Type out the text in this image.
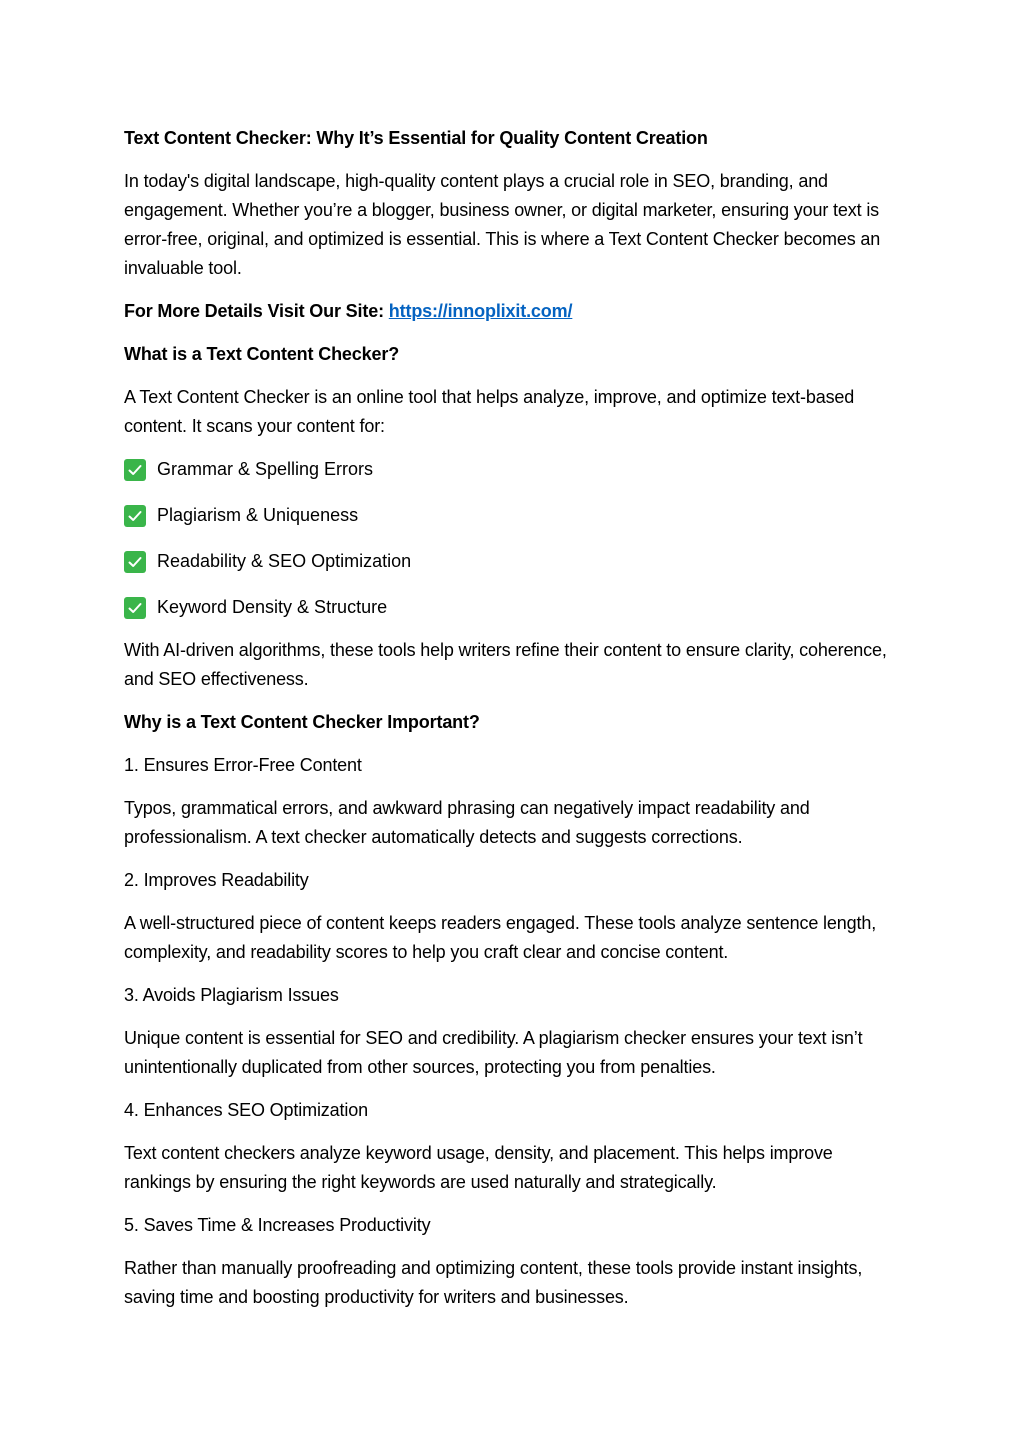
Text Content Checker: Why It’s Essential for Quality Content Creation

In today's digital landscape, high-quality content plays a crucial role in SEO, branding, and engagement. Whether you’re a blogger, business owner, or digital marketer, ensuring your text is error-free, original, and optimized is essential. This is where a Text Content Checker becomes an invaluable tool.

For More Details Visit Our Site: https://innoplixit.com/

What is a Text Content Checker?

A Text Content Checker is an online tool that helps analyze, improve, and optimize text-based content. It scans your content for:

Grammar & Spelling Errors
Plagiarism & Uniqueness
Readability & SEO Optimization
Keyword Density & Structure

With AI-driven algorithms, these tools help writers refine their content to ensure clarity, coherence, and SEO effectiveness.

Why is a Text Content Checker Important?

1. Ensures Error-Free Content

Typos, grammatical errors, and awkward phrasing can negatively impact readability and professionalism. A text checker automatically detects and suggests corrections.

2. Improves Readability

A well-structured piece of content keeps readers engaged. These tools analyze sentence length, complexity, and readability scores to help you craft clear and concise content.

3. Avoids Plagiarism Issues

Unique content is essential for SEO and credibility. A plagiarism checker ensures your text isn’t unintentionally duplicated from other sources, protecting you from penalties.

4. Enhances SEO Optimization

Text content checkers analyze keyword usage, density, and placement. This helps improve rankings by ensuring the right keywords are used naturally and strategically.

5. Saves Time & Increases Productivity

Rather than manually proofreading and optimizing content, these tools provide instant insights, saving time and boosting productivity for writers and businesses.
